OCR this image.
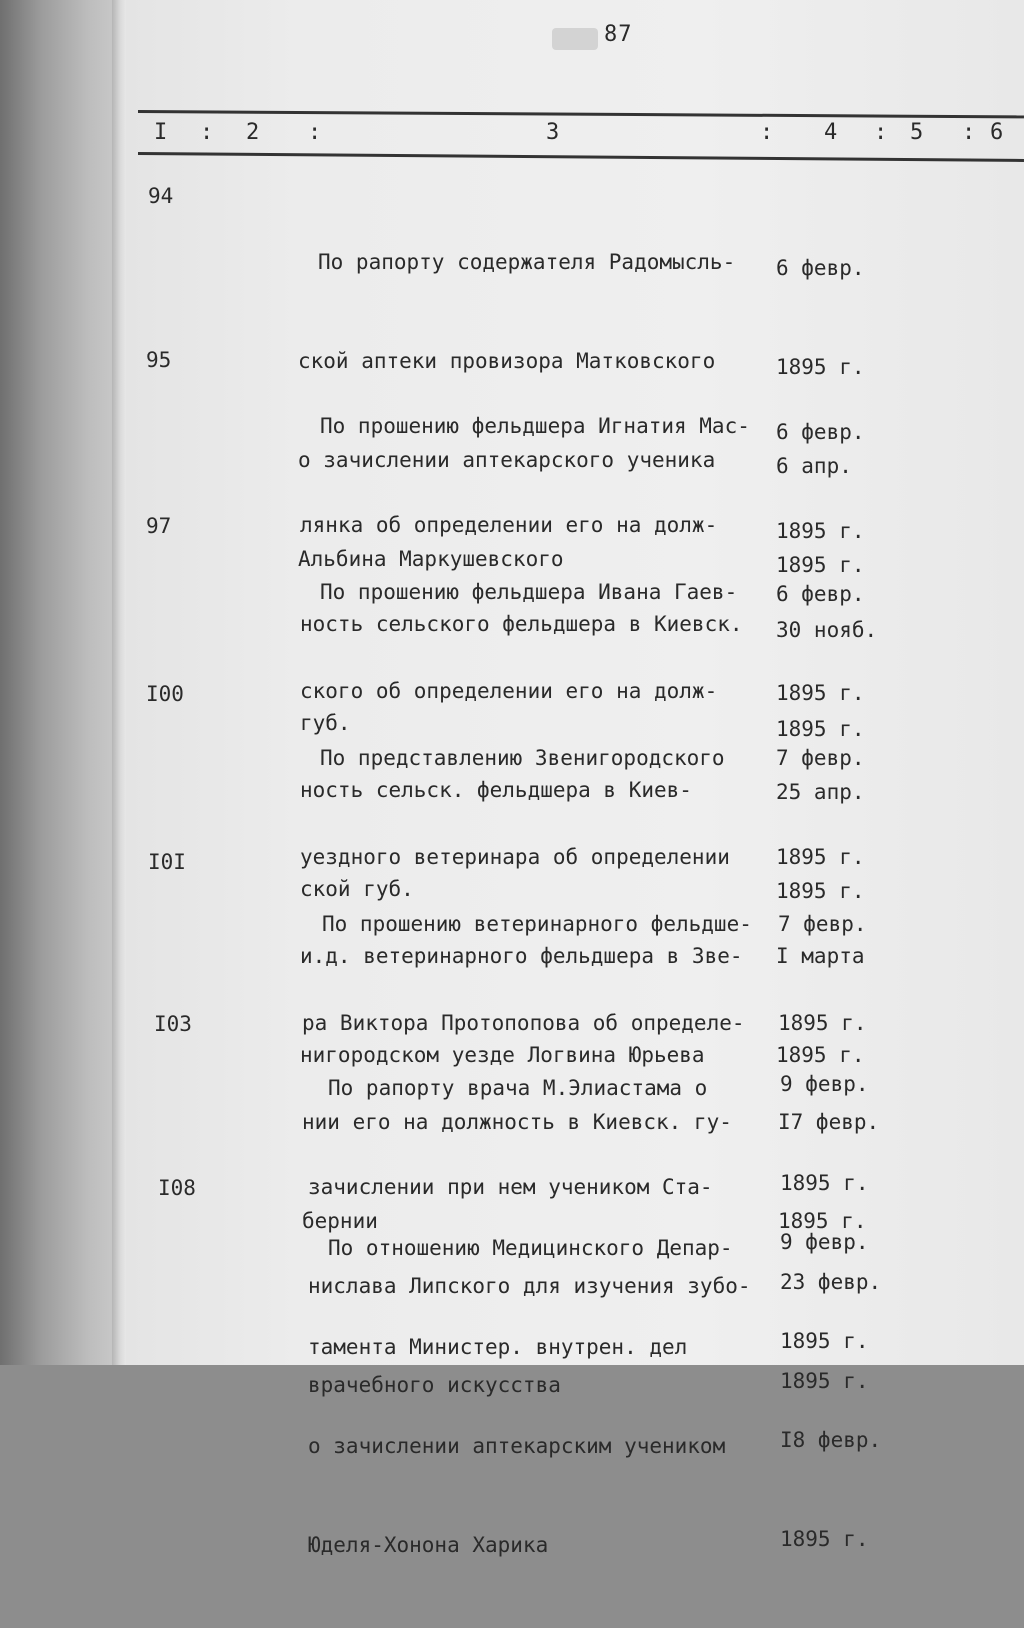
87
I : 2 :	3	: 4 : 5 : 6
94

По рапорту содержателя Радомысль-

ской аптеки провизора Матковского

о зачислении аптекарского ученика

Альбина Маркушевского

6 февр.

1895 г.

6 апр.

1895 г.

95

По прошению фельдшера Игнатия Мас-

лянка об определении его на долж-

ность сельского фельдшера в Киевск.

губ.

6 февр.

1895 г.

30 нояб.

1895 г.

97

По прошению фельдшера Ивана Гаев-

ского об определении его на долж-

ность сельск. фельдшера в Киев-

ской губ.

6 февр.

1895 г.

25 апр.

1895 г.

I00

По представлению Звенигородского

уездного ветеринара об определении

и.д. ветеринарного фельдшера в Зве-

нигородском уезде Логвина Юрьева

7 февр.

1895 г.

I марта

1895 г.

I0I

По прошению ветеринарного фельдше-

ра Виктора Протопопова об определе-

нии его на должность в Киевск. гу-

бернии

7 февр.

1895 г.

I7 февр.

1895 г.

I03

По рапорту врача М.Элиастама о

зачислении при нем учеником Ста-

нислава Липского для изучения зубо-

врачебного искусства

9 февр.

1895 г.

23 февр.

1895 г.

I08

По отношению Медицинского Депар-

тамента Министер. внутрен. дел

о зачислении аптекарским учеником

Юделя-Хонона Харика

9 февр.

1895 г.

I8 февр.

1895 г.
